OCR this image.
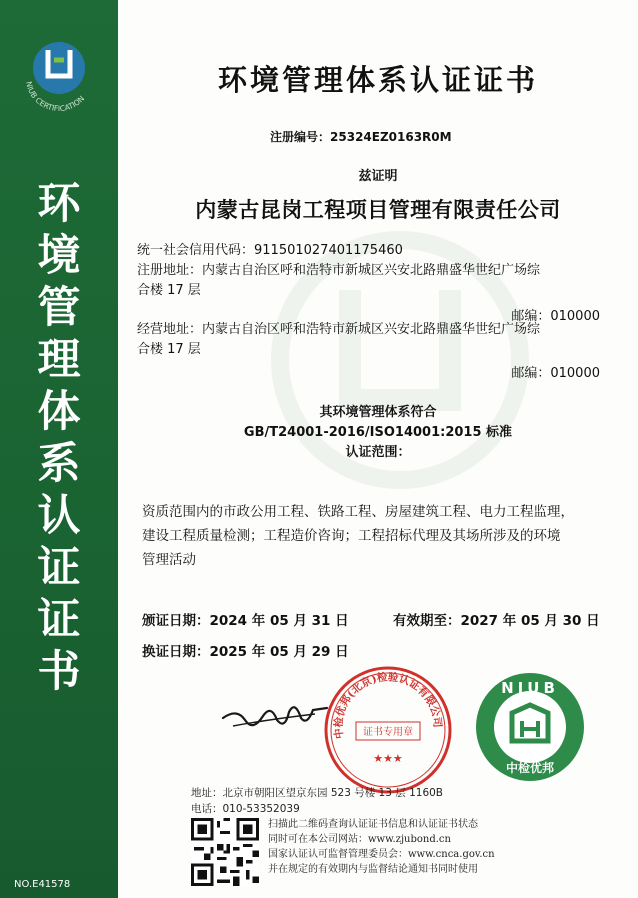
NIUB CERTIFICATION
环
境
管
理
体
系
认
证
证
书
NO.E41578
环境管理体系认证证书
注册编号：25324EZ0163R0M
兹证明
内蒙古昆岗工程项目管理有限责任公司
统一社会信用代码：911501027401175460
注册地址：内蒙古自治区呼和浩特市新城区兴安北路鼎盛华世纪广场综
合楼 17 层
邮编：010000
经营地址：内蒙古自治区呼和浩特市新城区兴安北路鼎盛华世纪广场综
合楼 17 层
邮编：010000
其环境管理体系符合
GB/T24001-2016/ISO14001:2015 标准
认证范围：
资质范围内的市政公用工程、铁路工程、房屋建筑工程、电力工程监理，
建设工程质量检测；工程造价咨询；工程招标代理及其场所涉及的环境
管理活动
颁证日期：2024 年 05 月 31 日	有效期至：2027 年 05 月 30 日
换证日期：2025 年 05 月 29 日
中检优邦(北京)检验认证有限公司
证书专用章
★★★
NIUB
中检优邦
地址：北京市朝阳区望京东园 523 号楼 13 层 1160B
电话：010-53352039
扫描此二维码查询认证证书信息和认证证书状态
同时可在本公司网站：www.zjubond.cn
国家认证认可监督管理委员会：www.cnca.gov.cn
并在规定的有效期内与监督结论通知书同时使用
